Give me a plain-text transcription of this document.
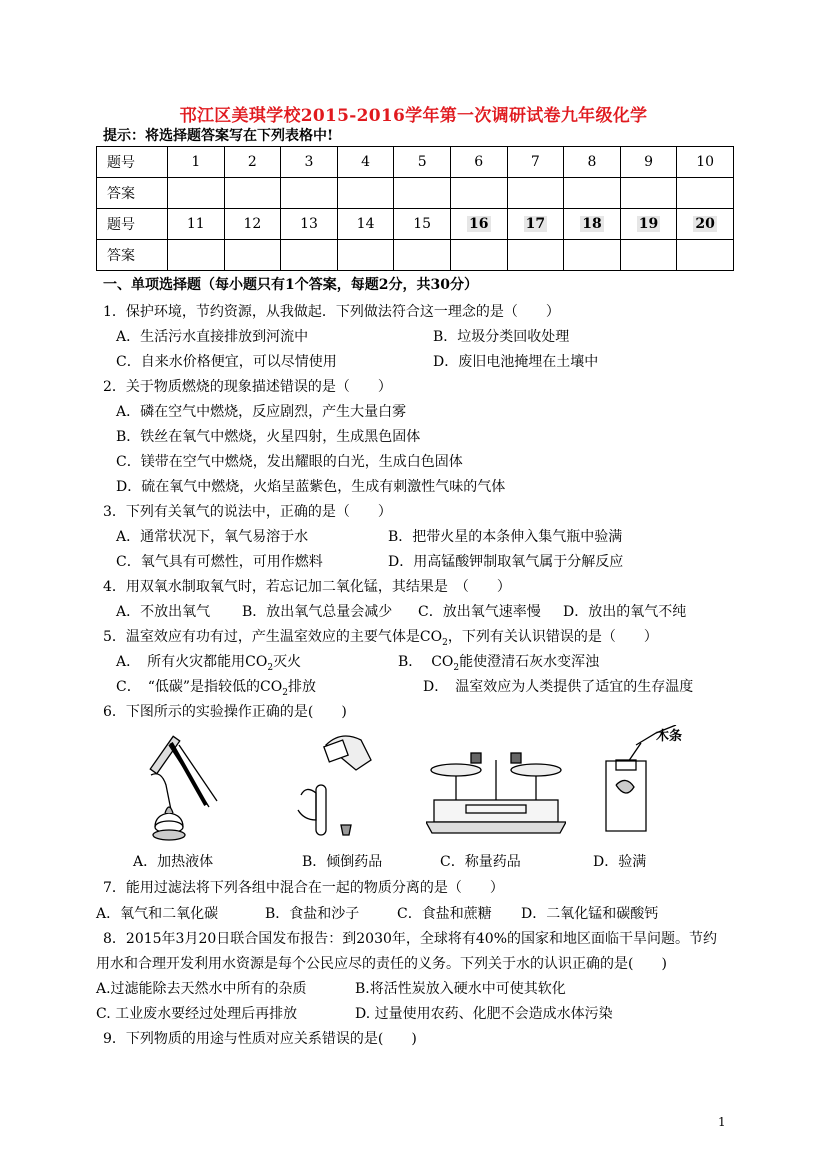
邗江区美琪学校2015-2016学年第一次调研试卷九年级化学
提示：将选择题答案写在下列表格中!
题号	1	2	3	4	5	6	7	8	9	10
答案										
题号	11	12	13	14	15	16	17	18	19	20
答案										
一、单项选择题（每小题只有1个答案，每题2分，共30分）
1．保护环境，节约资源，从我做起．下列做法符合这一理念的是（　　）
A．生活污水直接排放到河流中	B．垃圾分类回收处理
C．自来水价格便宜，可以尽情使用	D．废旧电池掩埋在土壤中
2．关于物质燃烧的现象描述错误的是（　　）
A．磷在空气中燃烧，反应剧烈，产生大量白雾
B．铁丝在氧气中燃烧，火星四射，生成黑色固体
C．镁带在空气中燃烧，发出耀眼的白光，生成白色固体
D．硫在氧气中燃烧，火焰呈蓝紫色，生成有刺激性气味的气体
3．下列有关氧气的说法中，正确的是（　　）
A．通常状况下，氧气易溶于水	B．把带火星的本条伸入集气瓶中验满
C．氧气具有可燃性，可用作燃料	D．用高锰酸钾制取氧气属于分解反应
4．用双氧水制取氧气时，若忘记加二氧化锰，其结果是　（　　）
A．不放出氧气 B．放出氧气总量会减少 C．放出氧气速率慢 D．放出的氧气不纯
5．温室效应有功有过，产生温室效应的主要气体是$CO_2$，下列有关认识错误的是（　　）
A．　所有火灾都能用$CO_2$灭火	B． $CO_2$能使澄清石灰水变浑浊
C．　“低碳”是指较低的$CO_2$排放	D．　温室效应为人类提供了适宜的生存温度
6．下图所示的实验操作正确的是(　　)
木条
A．加热液体	B．倾倒药品	C．称量药品	D．验满
7．能用过滤法将下列各组中混合在一起的物质分离的是（　　）
A．氧气和二氧化碳	B．食盐和沙子	C．食盐和蔗糖 D．二氧化锰和碳酸钙
8．2015年3月20日联合国发布报告：到2030年，全球将有40%的国家和地区面临干旱问题。节约
用水和合理开发利用水资源是每个公民应尽的责任的义务。下列关于水的认识正确的是(　　)
A.过滤能除去天然水中所有的杂质	B.将活性炭放入硬水中可使其软化
C. 工业废水要经过处理后再排放	D. 过量使用农药、化肥不会造成水体污染
9．下列物质的用途与性质对应关系错误的是(　　)
1
